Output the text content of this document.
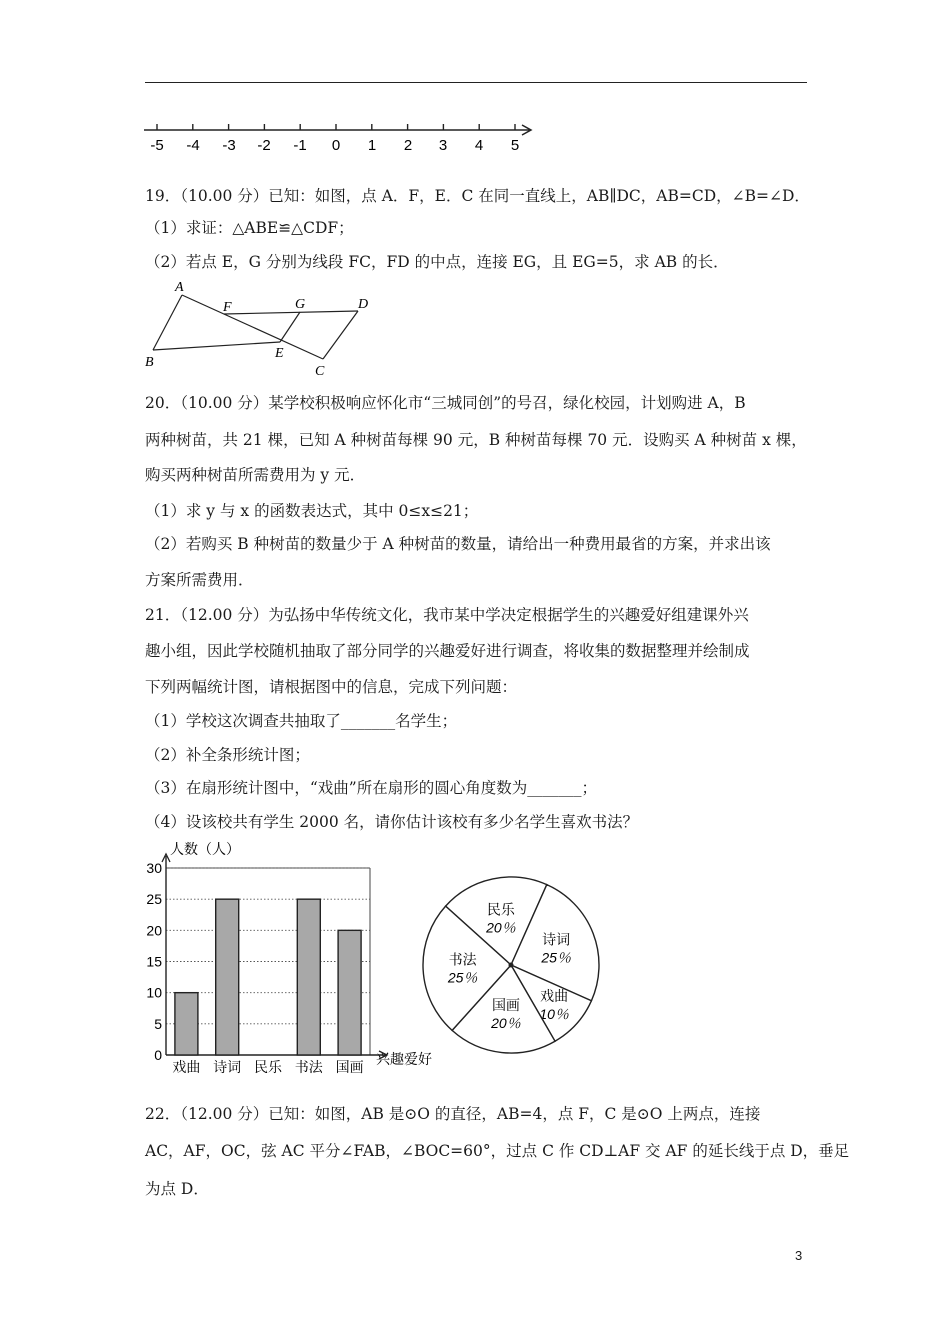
-5 -4 -3 -2 -1 0 1 2 3 4 5
19．（10.00 分）已知：如图，点 A．F，E．C 在同一直线上，AB∥DC，AB=CD，∠B=∠D．
（1）求证：△ABE≌△CDF；
（2）若点 E，G 分别为线段 FC，FD 的中点，连接 EG，且 EG=5，求 AB 的长．
A
B
C
D
E
F	G
20．（10.00 分）某学校积极响应怀化市“三城同创”的号召，绿化校园，计划购进 A，B
两种树苗，共 21 棵，已知 A 种树苗每棵 90 元，B 种树苗每棵 70 元．设购买 A 种树苗 x 棵，
购买两种树苗所需费用为 y 元．
（1）求 y 与 x 的函数表达式，其中 0≤x≤21；
（2）若购买 B 种树苗的数量少于 A 种树苗的数量，请给出一种费用最省的方案，并求出该
方案所需费用．
21．（12.00 分）为弘扬中华传统文化，我市某中学决定根据学生的兴趣爱好组建课外兴
趣小组，因此学校随机抽取了部分同学的兴趣爱好进行调查，将收集的数据整理并绘制成
下列两幅统计图，请根据图中的信息，完成下列问题：
（1）学校这次调查共抽取了_______名学生；
（2）补全条形统计图；
（3）在扇形统计图中，“戏曲”所在扇形的圆心角度数为_______；
（4）设该校共有学生 2000 名，请你估计该校有多少名学生喜欢书法？
人数（人）
兴趣爱好
0
5
10
15
20
25
30
戏曲 诗词 民乐 书法 国画
民乐
20％
诗词
25％
戏曲
10％
国画
20％
书法
25％
22．（12.00 分）已知：如图，AB 是⊙O 的直径，AB=4，点 F，C 是⊙O 上两点，连接
AC，AF，OC，弦 AC 平分∠FAB，∠BOC=60°，过点 C 作 CD⊥AF 交 AF 的延长线于点 D，垂足
为点 D．
3
